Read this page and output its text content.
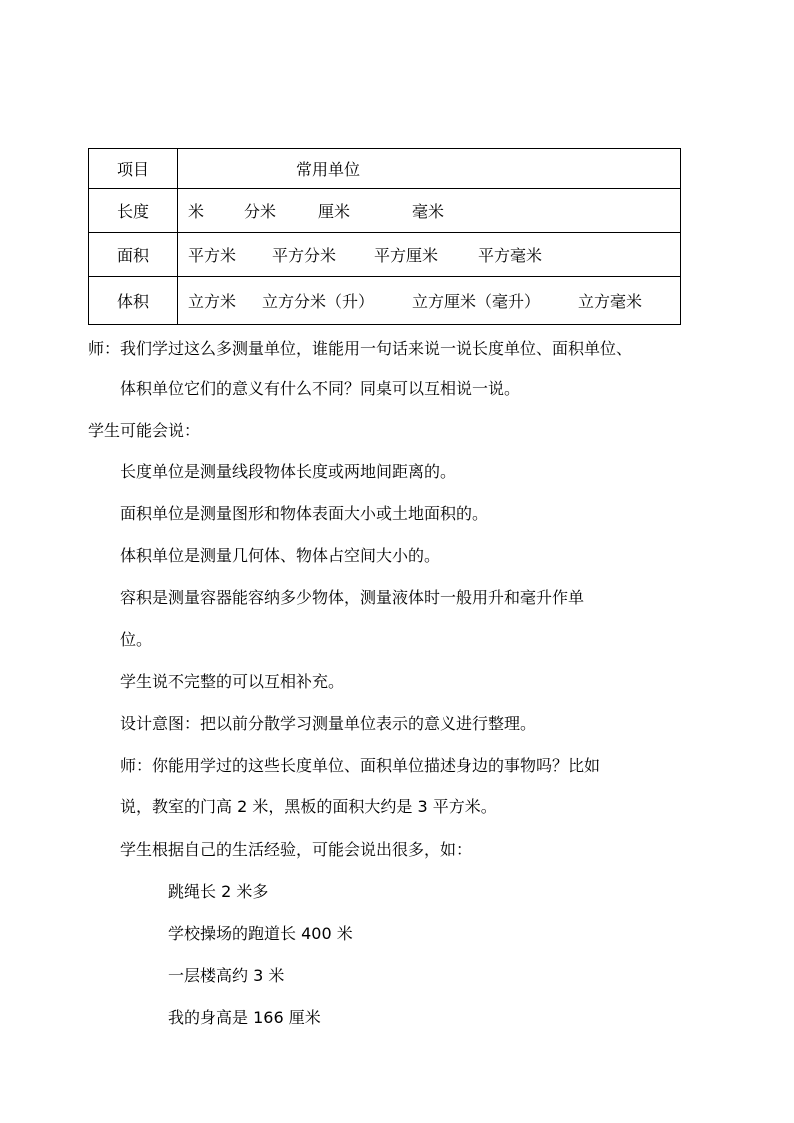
项目	常用单位
长度	米 分米 厘米 毫米
面积	平方米 平方分米 平方厘米 平方毫米
体积	立方米 立方分米（升） 立方厘米（毫升） 立方毫米
师：我们学过这么多测量单位，谁能用一句话来说一说长度单位、面积单位、
体积单位它们的意义有什么不同？同桌可以互相说一说。
学生可能会说：
长度单位是测量线段物体长度或两地间距离的。
面积单位是测量图形和物体表面大小或土地面积的。
体积单位是测量几何体、物体占空间大小的。
容积是测量容器能容纳多少物体，测量液体时一般用升和毫升作单
位。
学生说不完整的可以互相补充。
设计意图：把以前分散学习测量单位表示的意义进行整理。
师：你能用学过的这些长度单位、面积单位描述身边的事物吗？比如
说，教室的门高 2 米，黑板的面积大约是 3 平方米。
学生根据自己的生活经验，可能会说出很多，如：
跳绳长 2 米多
学校操场的跑道长 400 米
一层楼高约 3 米
我的身高是 166 厘米
